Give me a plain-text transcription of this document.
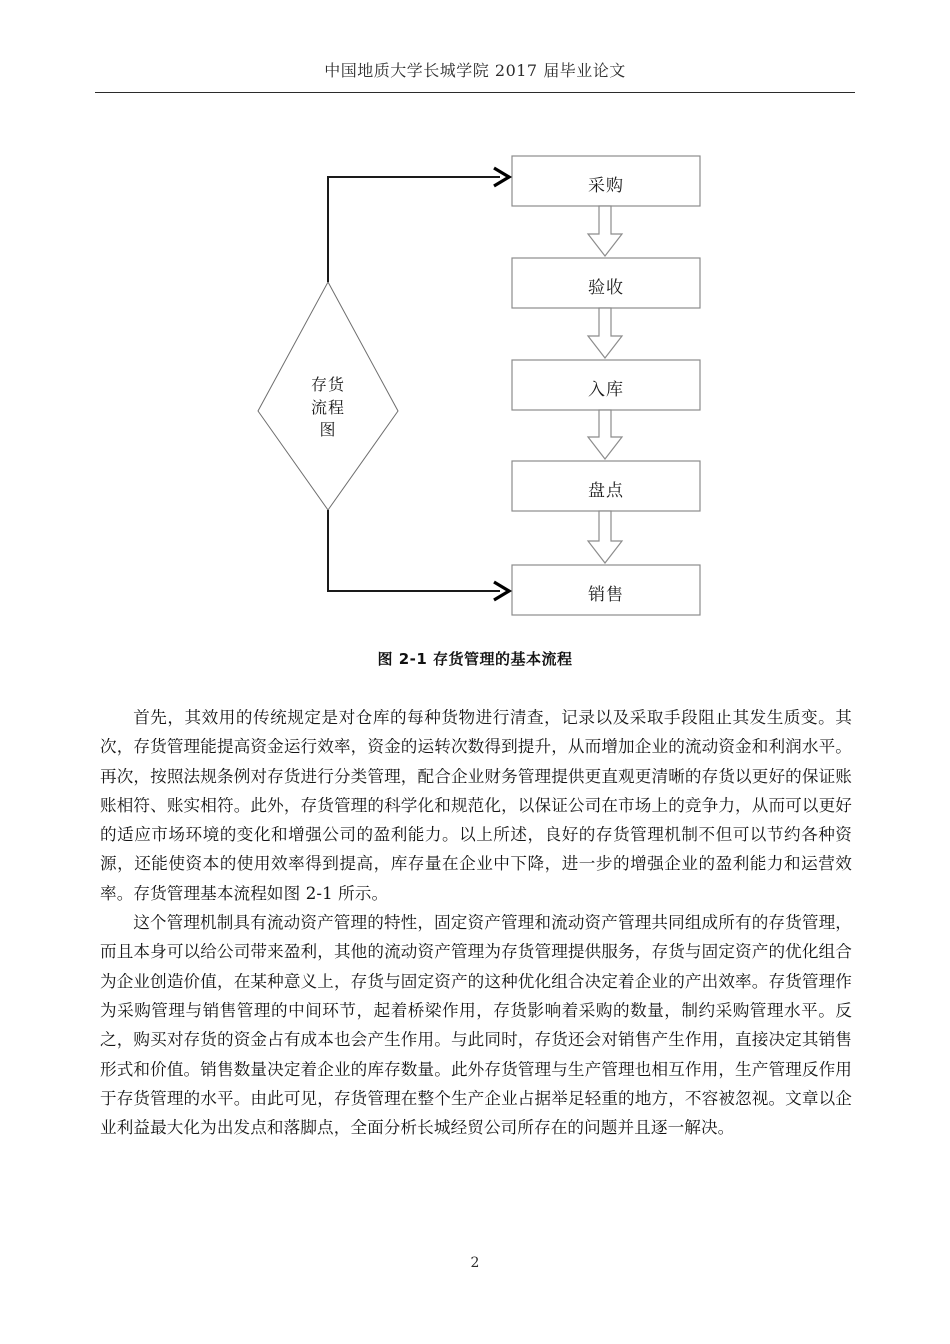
中国地质大学长城学院 2017 届毕业论文
采购
验收
入库
盘点
销售
存货
流程
图
图 2-1 存货管理的基本流程

首先，其效用的传统规定是对仓库的每种货物进行清查，记录以及采取手段阻止其发生质变。其次，存货管理能提高资金运行效率，资金的运转次数得到提升，从而增加企业的流动资金和利润水平。再次，按照法规条例对存货进行分类管理，配合企业财务管理提供更直观更清晰的存货以更好的保证账账相符、账实相符。此外，存货管理的科学化和规范化，以保证公司在市场上的竞争力，从而可以更好的适应市场环境的变化和增强公司的盈利能力。以上所述，良好的存货管理机制不但可以节约各种资源，还能使资本的使用效率得到提高，库存量在企业中下降，进一步的增强企业的盈利能力和运营效率。存货管理基本流程如图 2-1 所示。

这个管理机制具有流动资产管理的特性，固定资产管理和流动资产管理共同组成所有的存货管理，而且本身可以给公司带来盈利，其他的流动资产管理为存货管理提供服务，存货与固定资产的优化组合为企业创造价值，在某种意义上，存货与固定资产的这种优化组合决定着企业的产出效率。存货管理作为采购管理与销售管理的中间环节，起着桥梁作用，存货影响着采购的数量，制约采购管理水平。反之，购买对存货的资金占有成本也会产生作用。与此同时，存货还会对销售产生作用，直接决定其销售形式和价值。销售数量决定着企业的库存数量。此外存货管理与生产管理也相互作用，生产管理反作用于存货管理的水平。由此可见，存货管理在整个生产企业占据举足轻重的地方，不容被忽视。文章以企业利益最大化为出发点和落脚点，全面分析长城经贸公司所存在的问题并且逐一解决。

2
